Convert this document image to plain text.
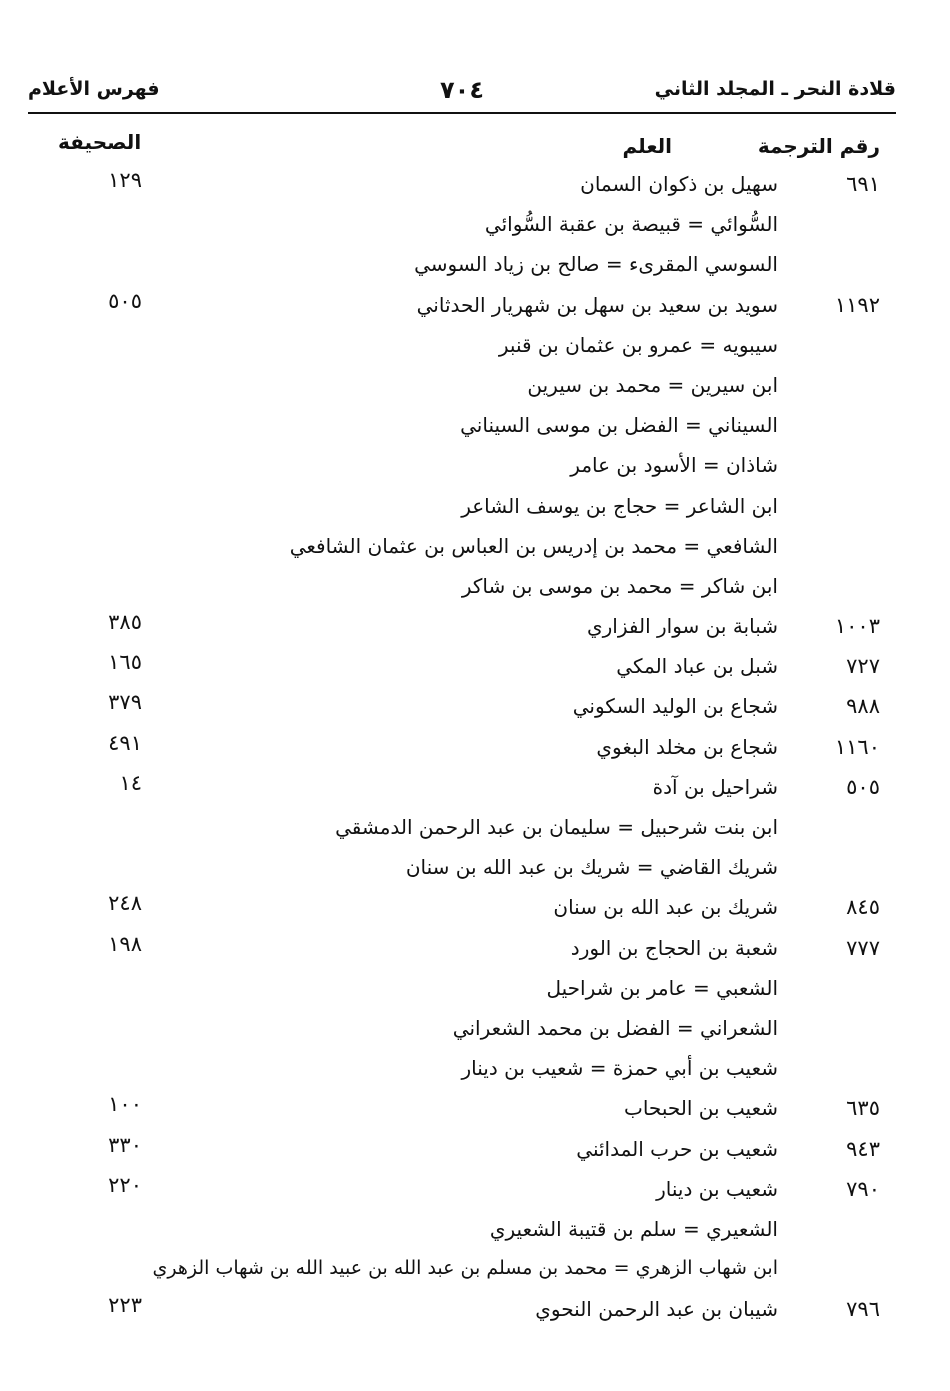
قلادة النحر ـ المجلد الثاني
٧٠٤
فهرس الأعلام
رقم الترجمة
العلم
الصحيفة
٦٩١
سهيل بن ذكوان السمان
١٢٩
السُّوائي = قبيصة بن عقبة السُّوائي
السوسي المقرىء = صالح بن زياد السوسي
١١٩٢
سويد بن سعيد بن سهل بن شهريار الحدثاني
٥٠٥
سيبويه = عمرو بن عثمان بن قنبر
ابن سيرين = محمد بن سيرين
السيناني = الفضل بن موسى السيناني
شاذان = الأسود بن عامر
ابن الشاعر = حجاج بن يوسف الشاعر
الشافعي = محمد بن إدريس بن العباس بن عثمان الشافعي
ابن شاكر = محمد بن موسى بن شاكر
١٠٠٣
شبابة بن سوار الفزاري
٣٨٥
٧٢٧
شبل بن عباد المكي
١٦٥
٩٨٨
شجاع بن الوليد السكوني
٣٧٩
١١٦٠
شجاع بن مخلد البغوي
٤٩١
٥٠٥
شراحيل بن آدة
١٤
ابن بنت شرحبيل = سليمان بن عبد الرحمن الدمشقي
شريك القاضي = شريك بن عبد الله بن سنان
٨٤٥
شريك بن عبد الله بن سنان
٢٤٨
٧٧٧
شعبة بن الحجاج بن الورد
١٩٨
الشعبي = عامر بن شراحيل
الشعراني = الفضل بن محمد الشعراني
شعيب بن أبي حمزة = شعيب بن دينار
٦٣٥
شعيب بن الحبحاب
١٠٠
٩٤٣
شعيب بن حرب المدائني
٣٣٠
٧٩٠
شعيب بن دينار
٢٢٠
الشعيري = سلم بن قتيبة الشعيري
ابن شهاب الزهري = محمد بن مسلم بن عبد الله بن عبيد الله بن شهاب الزهري
٧٩٦
شيبان بن عبد الرحمن النحوي
٢٢٣
